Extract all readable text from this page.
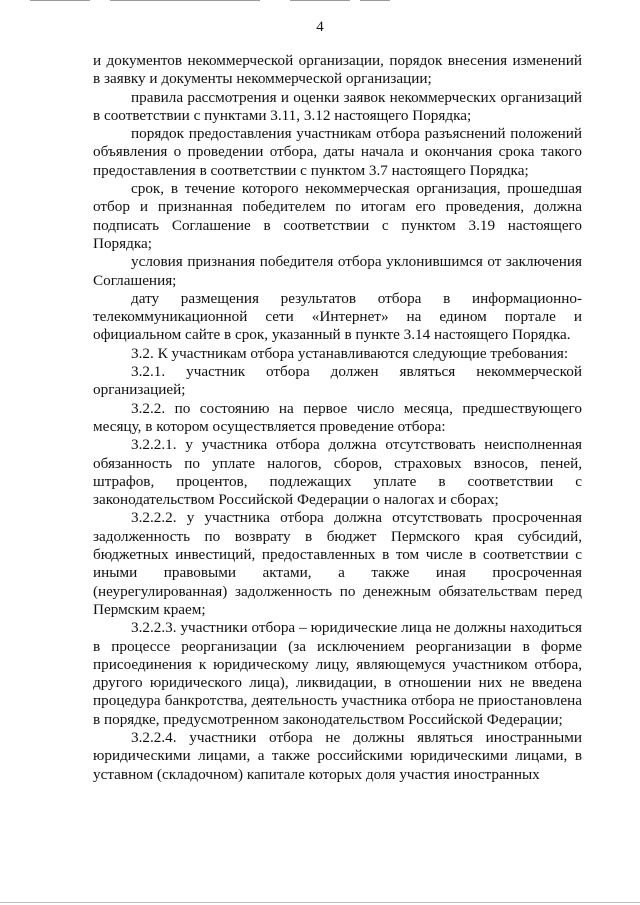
4

и документов некоммерческой организации, порядок внесения изменений в заявку и документы некоммерческой организации;

правила рассмотрения и оценки заявок некоммерческих организаций в соответствии с пунктами 3.11, 3.12 настоящего Порядка;

порядок предоставления участникам отбора разъяснений положений объявления о проведении отбора, даты начала и окончания срока такого предоставления в соответствии с пунктом 3.7 настоящего Порядка;

срок, в течение которого некоммерческая организация, прошедшая отбор и признанная победителем по итогам его проведения, должна подписать Соглашение в соответствии с пунктом 3.19 настоящего Порядка;

условия признания победителя отбора уклонившимся от заключения Соглашения;

дату размещения результатов отбора в информационно-телекоммуникационной сети «Интернет» на едином портале и официальном сайте в срок, указанный в пункте 3.14 настоящего Порядка.

3.2. К участникам отбора устанавливаются следующие требования:

3.2.1. участник отбора должен являться некоммерческой организацией;

3.2.2. по состоянию на первое число месяца, предшествующего месяцу, в котором осуществляется проведение отбора:

3.2.2.1. у участника отбора должна отсутствовать неисполненная обязанность по уплате налогов, сборов, страховых взносов, пеней, штрафов, процентов, подлежащих уплате в соответствии с законодательством Российской Федерации о налогах и сборах;

3.2.2.2. у участника отбора должна отсутствовать просроченная задолженность по возврату в бюджет Пермского края субсидий, бюджетных инвестиций, предоставленных в том числе в соответствии с иными правовыми актами, а также иная просроченная (неурегулированная) задолженность по денежным обязательствам перед Пермским краем;

3.2.2.3. участники отбора – юридические лица не должны находиться в процессе реорганизации (за исключением реорганизации в форме присоединения к юридическому лицу, являющемуся участником отбора, другого юридического лица), ликвидации, в отношении них не введена процедура банкротства, деятельность участника отбора не приостановлена в порядке, предусмотренном законодательством Российской Федерации;

3.2.2.4. участники отбора не должны являться иностранными юридическими лицами, а также российскими юридическими лицами, в уставном (складочном) капитале которых доля участия иностранных
